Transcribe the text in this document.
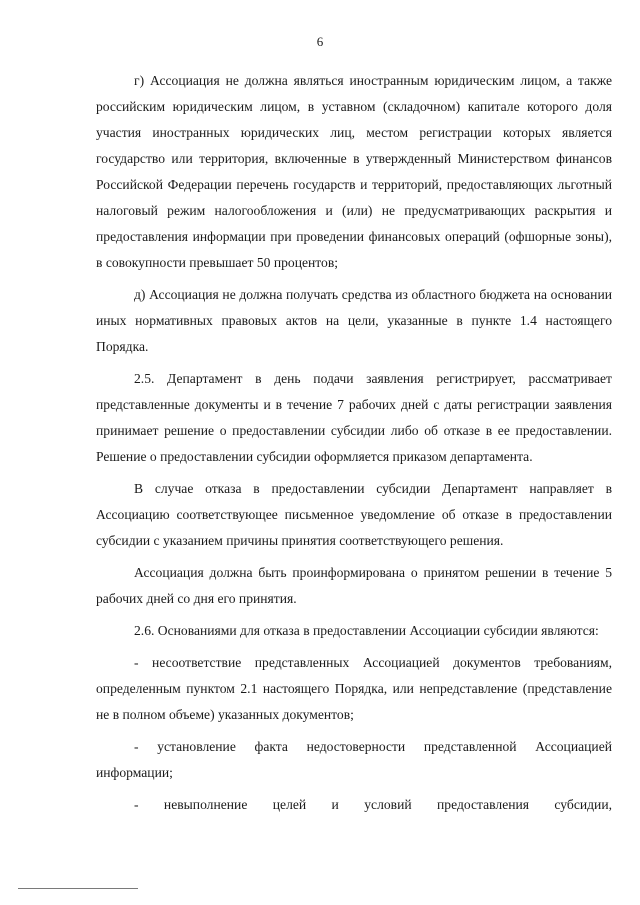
6

г) Ассоциация не должна являться иностранным юридическим лицом, а также российским юридическим лицом, в уставном (складочном) капитале которого доля участия иностранных юридических лиц, местом регистрации которых является государство или территория, включенные в утвержденный Министерством финансов Российской Федерации перечень государств и территорий, предоставляющих льготный налоговый режим налогообложения и (или) не предусматривающих раскрытия и предоставления информации при проведении финансовых операций (офшорные зоны), в совокупности превышает 50 процентов;

д) Ассоциация не должна получать средства из областного бюджета на основании иных нормативных правовых актов на цели, указанные в пункте 1.4 настоящего Порядка.

2.5. Департамент в день подачи заявления регистрирует, рассматривает представленные документы и в течение 7 рабочих дней с даты регистрации заявления принимает решение о предоставлении субсидии либо об отказе в ее предоставлении. Решение о предоставлении субсидии оформляется приказом департамента.

В случае отказа в предоставлении субсидии Департамент направляет в Ассоциацию соответствующее письменное уведомление об отказе в предоставлении субсидии с указанием причины принятия соответствующего решения.

Ассоциация должна быть проинформирована о принятом решении в течение 5 рабочих дней со дня его принятия.

2.6. Основаниями для отказа в предоставлении Ассоциации субсидии являются:

- несоответствие представленных Ассоциацией документов требованиям, определенным пунктом 2.1 настоящего Порядка, или непредставление (представление не в полном объеме) указанных документов;

- установление факта недостоверности представленной Ассоциацией информации;

- невыполнение целей и условий предоставления субсидии,
